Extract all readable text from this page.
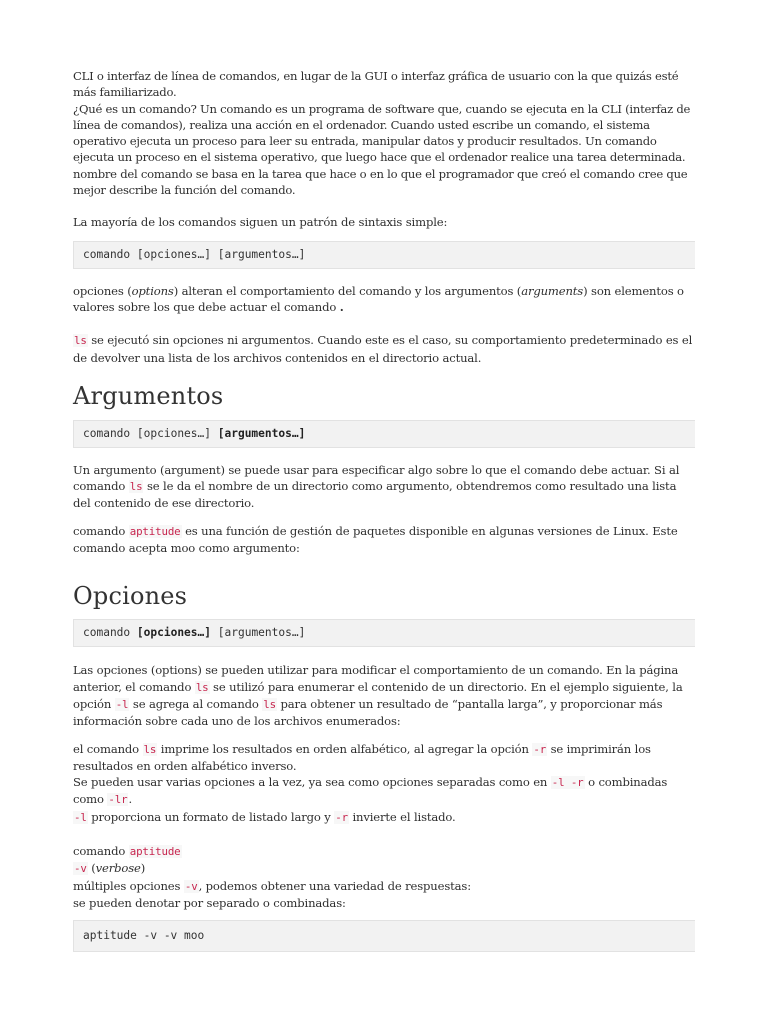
CLI o interfaz de línea de comandos, en lugar de la GUI o interfaz gráfica de usuario con la que quizás esté más familiarizado.

¿Qué es un comando? Un comando es un programa de software que, cuando se ejecuta en la CLI (interfaz de línea de comandos), realiza una acción en el ordenador. Cuando usted escribe un comando, el sistema operativo ejecuta un proceso para leer su entrada, manipular datos y producir resultados. Un comando ejecuta un proceso en el sistema operativo, que luego hace que el ordenador realice una tarea determinada.

nombre del comando se basa en la tarea que hace o en lo que el programador que creó el comando cree que mejor describe la función del comando.

La mayoría de los comandos siguen un patrón de sintaxis simple:

comando [opciones…] [argumentos…]

opciones (options) alteran el comportamiento del comando y los argumentos (arguments) son elementos o valores sobre los que debe actuar el comando .

ls se ejecutó sin opciones ni argumentos. Cuando este es el caso, su comportamiento predeterminado es el de devolver una lista de los archivos contenidos en el directorio actual.

Argumentos
comando [opciones…] [argumentos…]

Un argumento (argument) se puede usar para especificar algo sobre lo que el comando debe actuar. Si al comando ls se le da el nombre de un directorio como argumento, obtendremos como resultado una lista del contenido de ese directorio.

comando aptitude es una función de gestión de paquetes disponible en algunas versiones de Linux. Este comando acepta moo como argumento:

Opciones
comando [opciones…] [argumentos…]

Las opciones (options) se pueden utilizar para modificar el comportamiento de un comando. En la página anterior, el comando ls se utilizó para enumerar el contenido de un directorio. En el ejemplo siguiente, la opción -l se agrega al comando ls para obtener un resultado de “pantalla larga”, y proporcionar más información sobre cada uno de los archivos enumerados:

el comando ls imprime los resultados en orden alfabético, al agregar la opción -r se imprimirán los resultados en orden alfabético inverso.

Se pueden usar varias opciones a la vez, ya sea como opciones separadas como en -l -r o combinadas como -lr.

-l proporciona un formato de listado largo y -r invierte el listado.

comando aptitude

-v (verbose)

múltiples opciones -v, podemos obtener una variedad de respuestas:

se pueden denotar por separado o combinadas:

aptitude -v -v moo
